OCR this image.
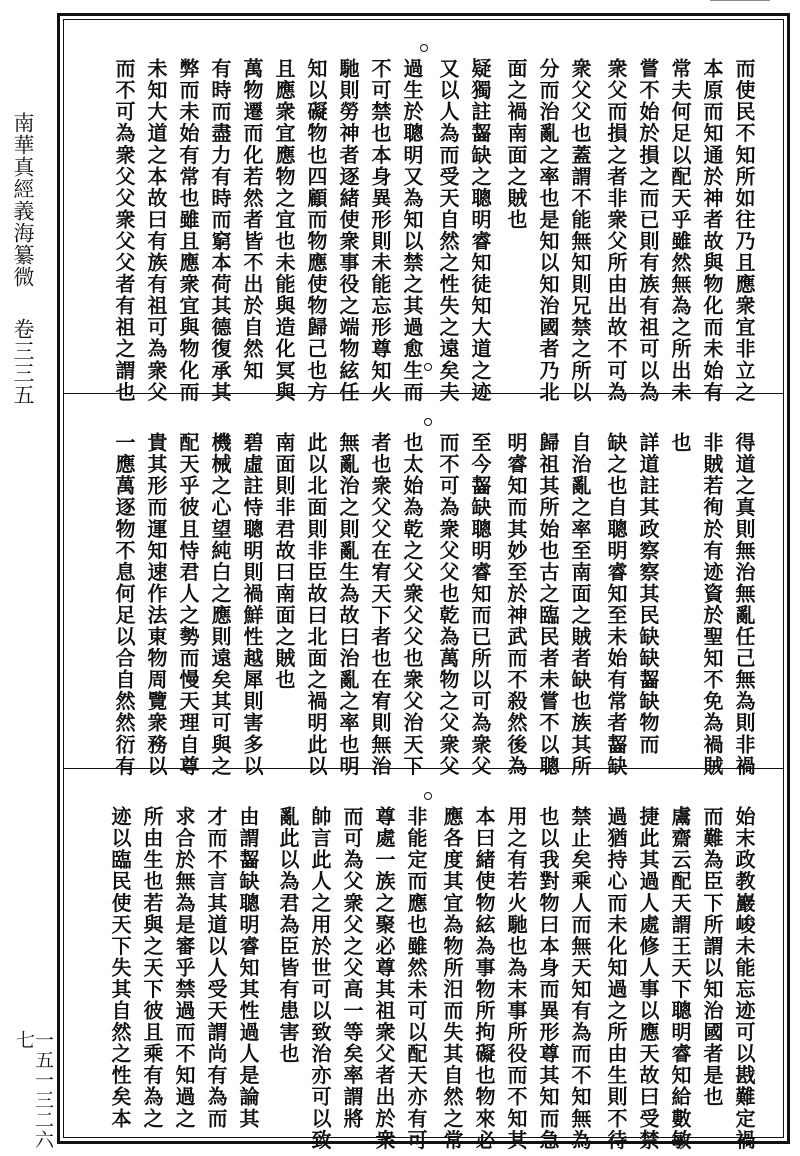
南華真經義海纂微
卷三三五
一五一三二六七
而使民不知所如往乃且應衆宜非立之
本原而知通於神者故與物化而未始有
常夫何足以配天乎雖然無為之所出未
嘗不始於損之而已則有族有祖可以為
衆父而損之者非衆父所由出故不可為
衆父父也蓋謂不能無知則兄禁之所以
分而治亂之率也是知以知治國者乃北
面之禍南面之賊也
疑獨註齧缺之聰明睿知徒知大道之迹
又以人為而受天自然之性失之遠矣夫
過生於聰明又為知以禁之其過愈生而
不可禁也本身異形則未能忘形尊知火
馳則勞神者逐緒使衆事役之端物絃任
知以礙物也四顧而物應使物歸己也方
且應衆宜應物之宜也未能與造化冥與
萬物遷而化若然者皆不出於自然知
有時而盡力有時而窮本荷其德復承其
弊而未始有常也雖且應衆宜與物化而
未知大道之本故曰有族有祖可為衆父
而不可為衆父父衆父父者有祖之謂也
得道之真則無治無亂任己無為則非禍
非賊若徇於有迹資於聖知不免為禍賊
也
詳道註其政察察其民缺缺齧缺物而
缺之也自聰明睿知至未始有常者齧缺
自治亂之率至南面之賊者缺也族其所
歸祖其所始也古之臨民者未嘗不以聰
明睿知而其妙至於神武而不殺然後為
至今齧缺聰明睿知而已所以可為衆父
而不可為衆父父也乾為萬物之父衆父
也太始為乾之父衆父父也衆父治天下
者也衆父父在宥天下者也在宥則無治
無亂治之則亂生為故曰治亂之率也明
此以北面則非臣故曰北面之禍明此以
南面則非君故曰南面之賊也
碧虛註恃聰明則禍鮮性越犀則害多以
機械之心望純白之應則遠矣其可與之
配天乎彼且恃君人之勢而慢天理自尊
貴其形而運知速作法東物周覽衆務以
一應萬逐物不息何足以合自然然衍有
始末政教巖峻未能忘迹可以戡難定禍
而難為臣下所謂以知治國者是也
鬳齋云配天謂王天下聰明睿知給數敏
捷此其過人處修人事以應天故曰受禁
過猶持心而未化知過之所由生則不待
禁止矣乘人而無天知有為而不知無為
也以我對物曰本身而異形尊其知而急
用之有若火馳也為末事所役而不知其
本曰緒使物絃為事物所拘礙也物來必
應各度其宜為物所汨而失其自然之常
非能定而應也雖然未可以配天亦有可
尊處一族之聚必尊其祖衆父者出於衆
而可為父衆父之父高一等矣率謂將
帥言此人之用於世可以致治亦可以致
亂此以為君為臣皆有患害也
由謂齧缺聰明睿知其性過人是論其
才而不言其道以人受天謂尚有為而
求合於無為是審乎禁過而不知過之
所由生也若與之天下彼且乘有為之
迹以臨民使天下失其自然之性矣本
